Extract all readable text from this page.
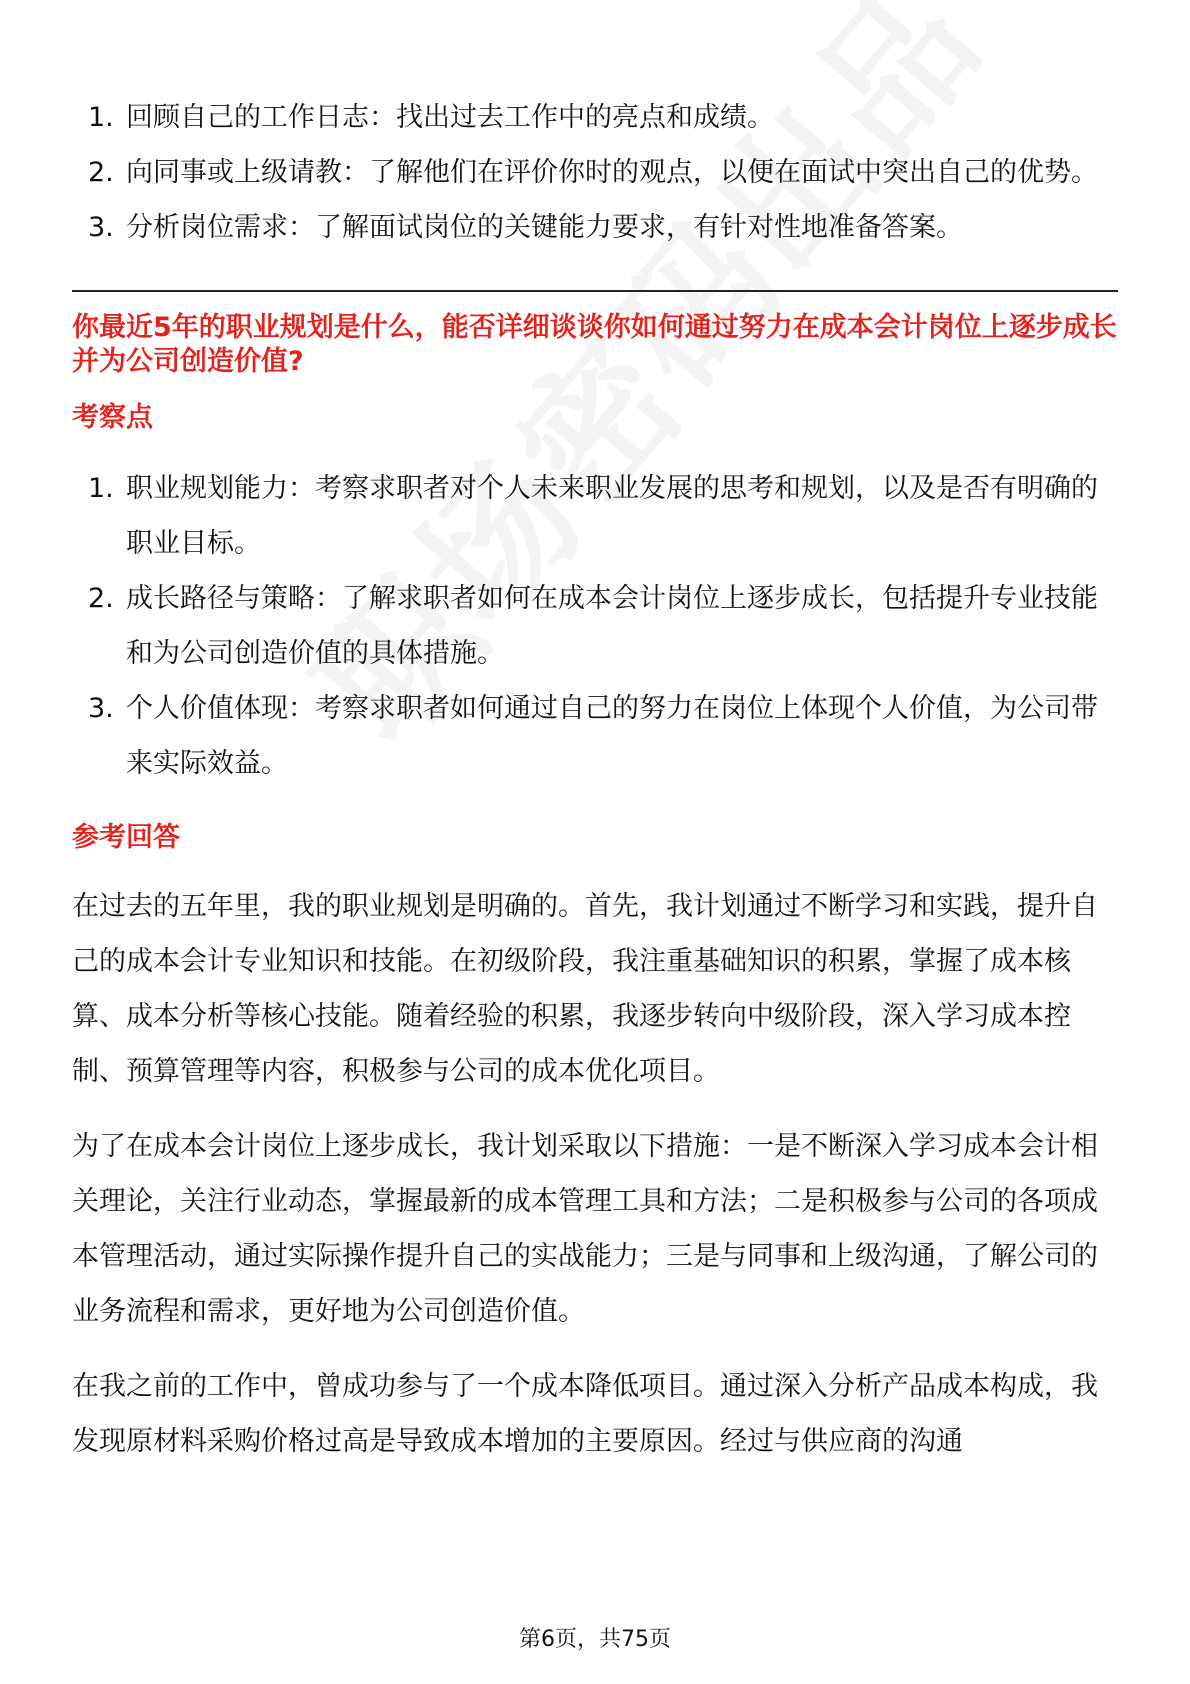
1. 回顾自己的工作日志：找出过去工作中的亮点和成绩。
2. 向同事或上级请教：了解他们在评价你时的观点，以便在面试中突出自己的优势。
3. 分析岗位需求：了解面试岗位的关键能力要求，有针对性地准备答案。

你最近5年的职业规划是什么，能否详细谈谈你如何通过努力在成本会计岗位上逐步成长并为公司创造价值?

考察点
1. 职业规划能力：考察求职者对个人未来职业发展的思考和规划，以及是否有明确的职业目标。
2. 成长路径与策略：了解求职者如何在成本会计岗位上逐步成长，包括提升专业技能和为公司创造价值的具体措施。
3. 个人价值体现：考察求职者如何通过自己的努力在岗位上体现个人价值，为公司带来实际效益。
参考回答

在过去的五年里，我的职业规划是明确的。首先，我计划通过不断学习和实践，提升自己的成本会计专业知识和技能。在初级阶段，我注重基础知识的积累，掌握了成本核算、成本分析等核心技能。随着经验的积累，我逐步转向中级阶段，深入学习成本控制、预算管理等内容，积极参与公司的成本优化项目。

为了在成本会计岗位上逐步成长，我计划采取以下措施：一是不断深入学习成本会计相关理论，关注行业动态，掌握最新的成本管理工具和方法；二是积极参与公司的各项成本管理活动，通过实际操作提升自己的实战能力；三是与同事和上级沟通，了解公司的业务流程和需求，更好地为公司创造价值。

在我之前的工作中，曾成功参与了一个成本降低项目。通过深入分析产品成本构成，我发现原材料采购价格过高是导致成本增加的主要原因。经过与供应商的沟通

第6页，共75页
